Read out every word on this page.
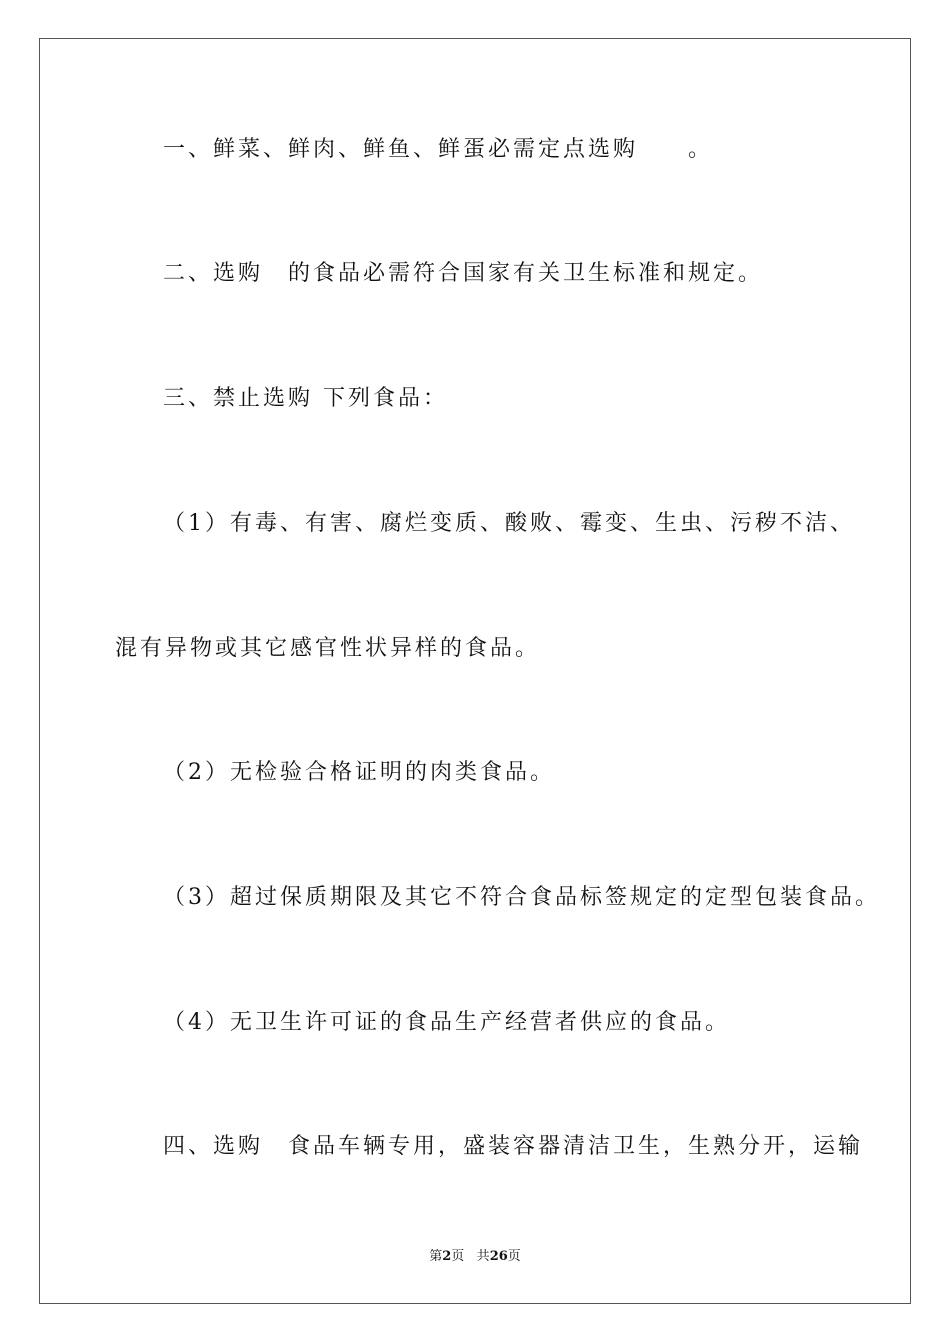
一、鲜菜、鲜肉、鲜鱼、鲜蛋必需定点选购　　。
二、选购　的食品必需符合国家有关卫生标准和规定。
三、禁止选购 下列食品：
（1）有毒、有害、腐烂变质、酸败、霉变、生虫、污秽不洁、
混有异物或其它感官性状异样的食品。
（2）无检验合格证明的肉类食品。
（3）超过保质期限及其它不符合食品标签规定的定型包装食品。
（4）无卫生许可证的食品生产经营者供应的食品。
四、选购　食品车辆专用，盛装容器清洁卫生，生熟分开，运输
第2页 共26页
